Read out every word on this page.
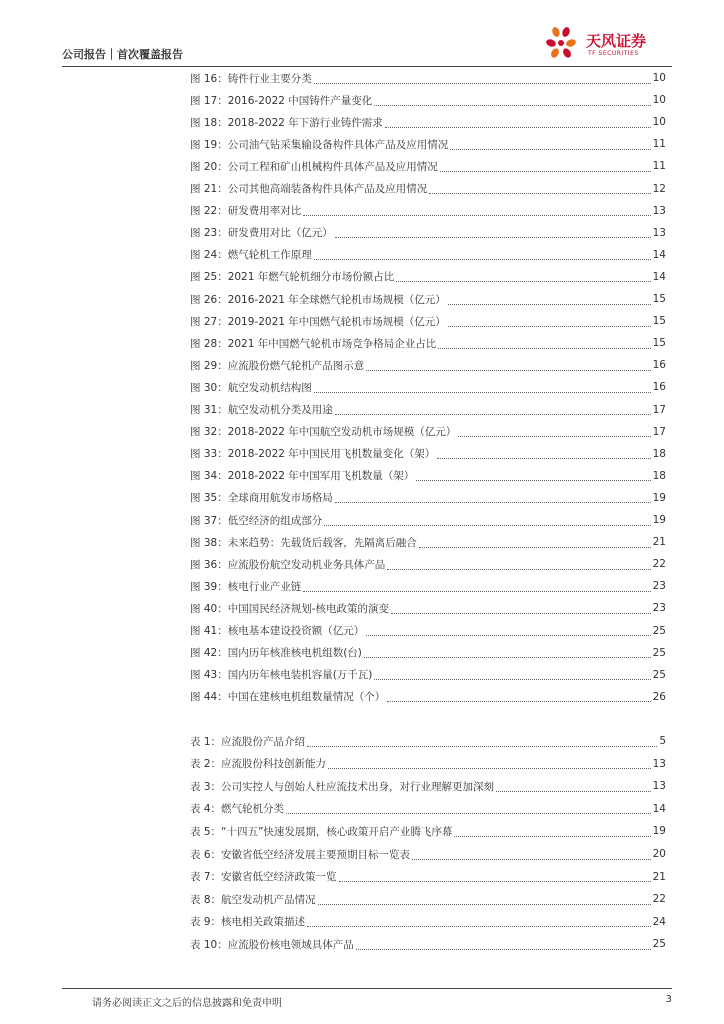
公司报告｜首次覆盖报告
天风证券
TF SECURITIES
图 16：铸件行业主要分类	10
图 17：2016-2022 中国铸件产量变化	10
图 18：2018-2022 年下游行业铸件需求	10
图 19：公司油气钻采集输设备构件具体产品及应用情况	11
图 20：公司工程和矿山机械构件具体产品及应用情况	11
图 21：公司其他高端装备构件具体产品及应用情况	12
图 22：研发费用率对比	13
图 23：研发费用对比（亿元）	13
图 24：燃气轮机工作原理	14
图 25：2021 年燃气轮机细分市场份额占比	14
图 26：2016-2021 年全球燃气轮机市场规模（亿元）	15
图 27：2019-2021 年中国燃气轮机市场规模（亿元）	15
图 28：2021 年中国燃气轮机市场竞争格局企业占比	15
图 29：应流股份燃气轮机产品图示意	16
图 30：航空发动机结构图	16
图 31：航空发动机分类及用途	17
图 32：2018-2022 年中国航空发动机市场规模（亿元）	17
图 33：2018-2022 年中国民用飞机数量变化（架）	18
图 34：2018-2022 年中国军用飞机数量（架）	18
图 35：全球商用航发市场格局	19
图 37：低空经济的组成部分	19
图 38：未来趋势：先载货后载客，先隔离后融合	21
图 36：应流股份航空发动机业务具体产品	22
图 39：核电行业产业链	23
图 40：中国国民经济规划-核电政策的演变	23
图 41：核电基本建设投资额（亿元）	25
图 42：国内历年核准核电机组数(台)	25
图 43：国内历年核电装机容量(万千瓦)	25
图 44：中国在建核电机组数量情况（个）	26
表 1：应流股份产品介绍	5
表 2：应流股份科技创新能力	13
表 3：公司实控人与创始人杜应流技术出身，对行业理解更加深刻	13
表 4：燃气轮机分类	14
表 5：“十四五”快速发展期，核心政策开启产业腾飞序幕	19
表 6：安徽省低空经济发展主要预期目标一览表	20
表 7：安徽省低空经济政策一览	21
表 8：航空发动机产品情况	22
表 9：核电相关政策描述	24
表 10：应流股份核电领域具体产品	25
请务必阅读正文之后的信息披露和免责申明	3
